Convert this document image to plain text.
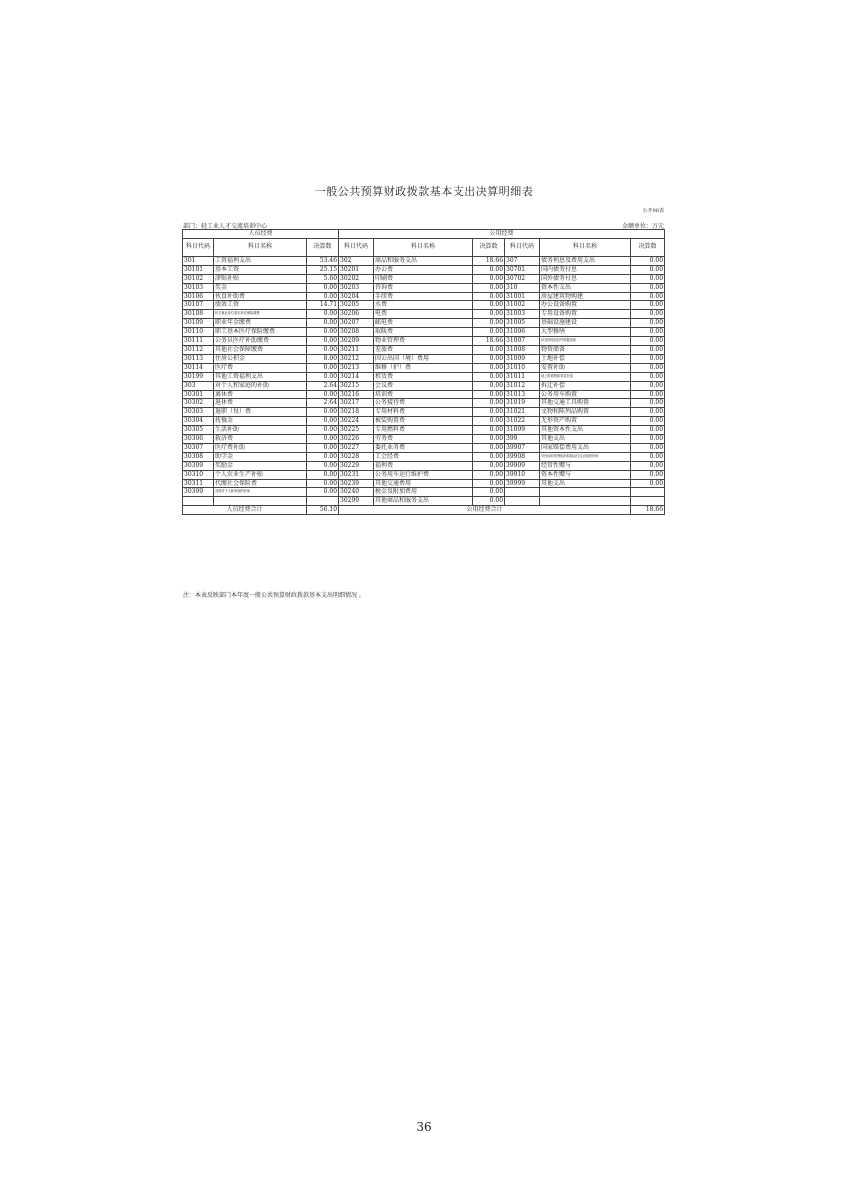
一般公共预算财政拨款基本支出决算明细表
公开08表
部门：轻工业人才交流培训中心	金额单位：万元
人员经费			公用经费					
科目代码	科目名称	决算数	科目代码	科目名称	决算数	科目代码	科目名称	决算数
301	工资福利支出	53.46	302	商品和服务支出	18.66	307	债务利息及费用支出	0.00
30101	基本工资	25.15	30201	办公费	0.00	30701	国内债务付息	0.00
30102	津贴补贴	5.60	30202	印刷费	0.00	30702	国外债务付息	0.00
30103	奖金	0.00	30203	咨询费	0.00	310	资本性支出	0.00
30106	伙食补助费	0.00	30204	手续费	0.00	31001	房屋建筑物购建	0.00
30107	绩效工资	14.71	30205	水费	0.00	31002	办公设备购置	0.00
30108	机关事业单位基本养老保险缴费	0.00	30206	电费	0.00	31003	专用设备购置	0.00
30109	职业年金缴费	0.00	30207	邮电费	0.00	31005	基础设施建设	0.00
30110	职工基本医疗保险缴费	0.00	30208	取暖费	0.00	31006	大型修缮	0.00
30111	公务员医疗补助缴费	0.00	30209	物业管理费	18.66	31007	信息网络及软件购置更新	0.00
30112	其他社会保障缴费	0.00	30211	差旅费	0.00	31008	物资储备	0.00
30113	住房公积金	8.00	30212	因公出国（境）费用	0.00	31009	土地补偿	0.00
30114	医疗费	0.00	30213	维修（护）费	0.00	31010	安置补助	0.00
30199	其他工资福利支出	0.00	30214	租赁费	0.00	31011	地上附着物和青苗补偿	0.00
303	对个人和家庭的补助	2.64	30215	会议费	0.00	31012	拆迁补偿	0.00
30301	离休费	0.00	30216	培训费	0.00	31013	公务用车购置	0.00
30302	退休费	2.64	30217	公务接待费	0.00	31019	其他交通工具购置	0.00
30303	退职（役）费	0.00	30218	专用材料费	0.00	31021	文物和陈列品购置	0.00
30304	抚恤金	0.00	30224	被装购置费	0.00	31022	无形资产购置	0.00
30305	生活补助	0.00	30225	专用燃料费	0.00	31099	其他资本性支出	0.00
30306	救济费	0.00	30226	劳务费	0.00	399	其他支出	0.00
30307	医疗费补助	0.00	30227	委托业务费	0.00	39907	国家赔偿费用支出	0.00
30308	助学金	0.00	30228	工会经费	0.00	39908	对民间非营利组织和群众性自治组织补贴	0.00
30309	奖励金	0.00	30229	福利费	0.00	39909	经常性赠与	0.00
30310	个人农业生产补贴	0.00	30231	公务用车运行维护费	0.00	39910	资本性赠与	0.00
30311	代缴社会保险费	0.00	30239	其他交通费用	0.00	39999	其他支出	0.00
30399	其他对个人和家庭的补助	0.00	30240	税金及附加费用	0.00			
			30299	其他商品和服务支出	0.00			
人员经费合计		56.10	公用经费合计					18.66
注：本表反映部门本年度一般公共预算财政拨款基本支出明细情况 。
36
